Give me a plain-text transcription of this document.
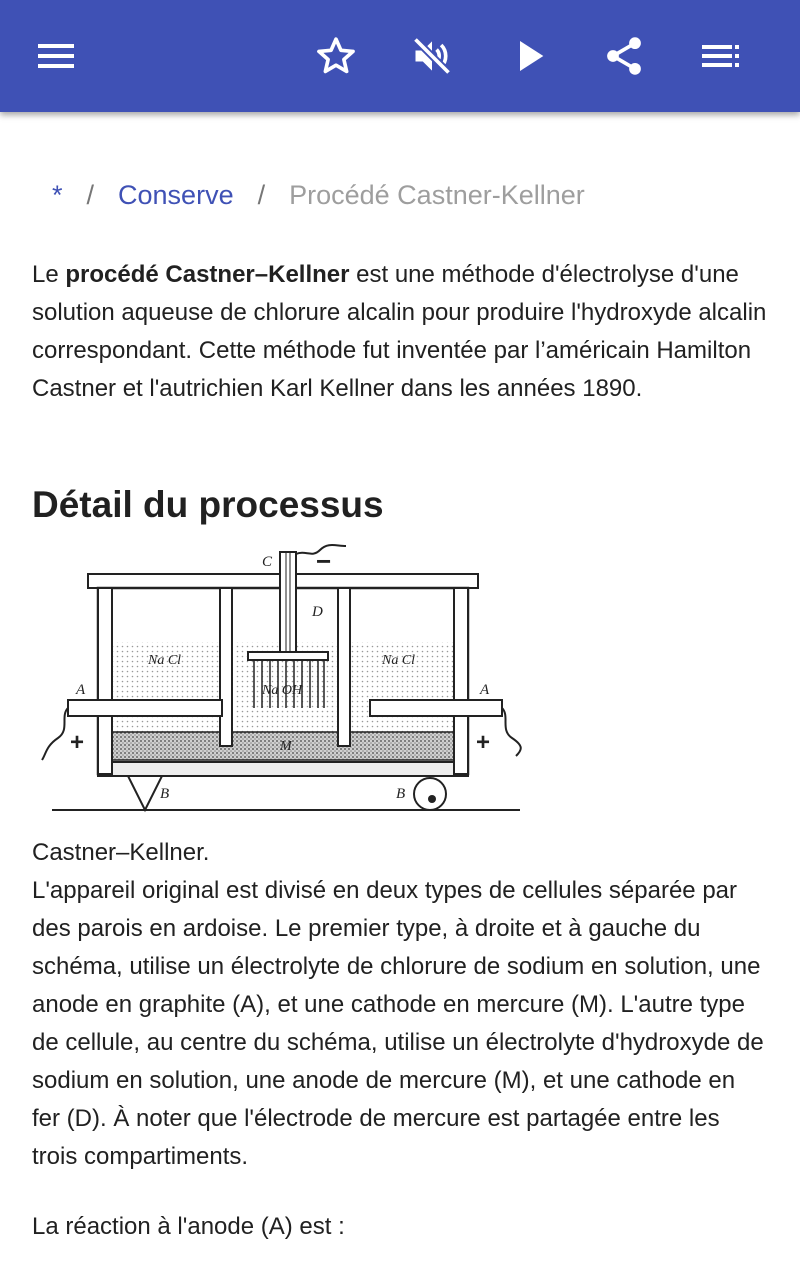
* / Conserve / Procédé Castner-Kellner
Le procédé Castner–Kellner est une méthode d'électrolyse d'une solution aqueuse de chlorure alcalin pour produire l'hydroxyde alcalin correspondant. Cette méthode fut inventée par l’américain Hamilton Castner et l'autrichien Karl Kellner dans les années 1890.
Détail du processus
C
D
Na Cl	Na Cl
Na OH
A	A
M
B	B
−
+	+
Castner–Kellner.
L'appareil original est divisé en deux types de cellules séparée par des parois en ardoise. Le premier type, à droite et à gauche du schéma, utilise un électrolyte de chlorure de sodium en solution, une anode en graphite (A), et une cathode en mercure (M). L'autre type de cellule, au centre du schéma, utilise un électrolyte d'hydroxyde de sodium en solution, une anode de mercure (M), et une cathode en fer (D). À noter que l'électrode de mercure est partagée entre les trois compartiments.
La réaction à l'anode (A) est :
